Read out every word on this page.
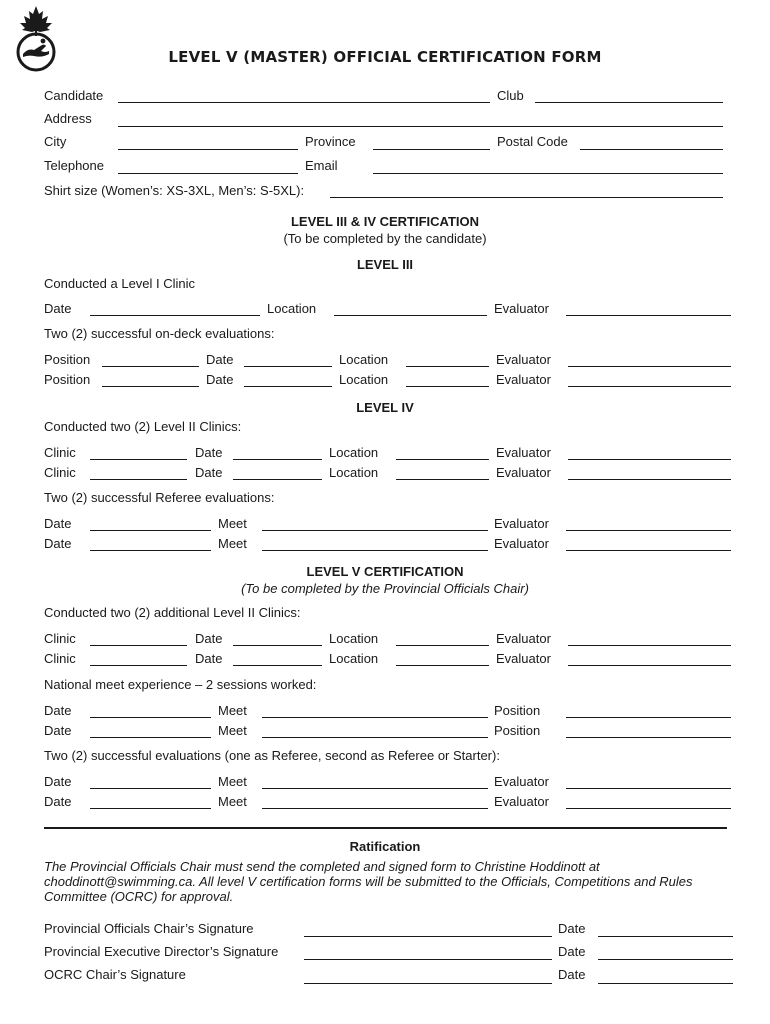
LEVEL V (MASTER) OFFICIAL CERTIFICATION FORM
Candidate	Club
Address
City	Province	Postal Code
Telephone	Email
Shirt size (Women’s: XS-3XL, Men’s: S-5XL):
LEVEL III & IV CERTIFICATION
(To be completed by the candidate)
LEVEL III
Conducted a Level I Clinic
Date	Location	Evaluator
Two (2) successful on-deck evaluations:
Position	Date	Location	Evaluator
Position	Date	Location	Evaluator
LEVEL IV
Conducted two (2) Level II Clinics:
Clinic	Date	Location	Evaluator
Clinic	Date	Location	Evaluator
Two (2) successful Referee evaluations:
Date	Meet	Evaluator
Date	Meet	Evaluator
LEVEL V CERTIFICATION
(To be completed by the Provincial Officials Chair)
Conducted two (2) additional Level II Clinics:
Clinic	Date	Location	Evaluator
Clinic	Date	Location	Evaluator
National meet experience – 2 sessions worked:
Date	Meet	Position
Date	Meet	Position
Two (2) successful evaluations (one as Referee, second as Referee or Starter):
Date	Meet	Evaluator
Date	Meet	Evaluator
Ratification
The Provincial Officials Chair must send the completed and signed form to Christine Hoddinott at choddinott@swimming.ca. All level V certification forms will be submitted to the Officials, Competitions and Rules Committee (OCRC) for approval.
Provincial Officials Chair’s Signature	Date
Provincial Executive Director’s Signature	Date
OCRC Chair’s Signature	Date
